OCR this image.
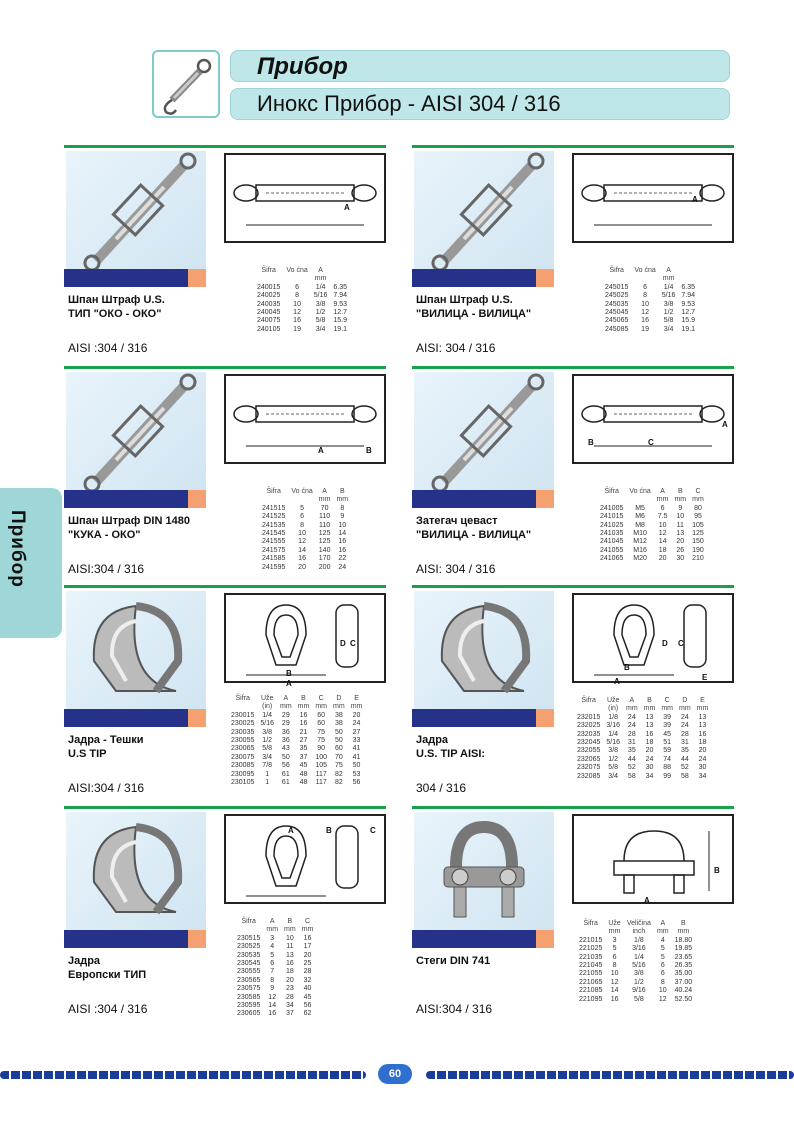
Прибор
Инокс Прибор - AISI 304 / 316
Прибор
A
Шпан Штраф U.S.
ТИП "ОКО - ОКО"
AISI :304 / 316
Šifra	Vo ćna	A	
		mm	
240015	6	1/4	6.35
240025	8	5/16	7.94
240035	10	3/8	9.53
240045	12	1/2	12.7
240075	16	5/8	15.9
240105	19	3/4	19.1
A
Шпан Штраф U.S.
"ВИЛИЦА - ВИЛИЦА"
AISI: 304 / 316
Šifra	Vo ćna	A	
		mm	
245015	6	1/4	6.35
245025	8	5/16	7.94
245035	10	3/8	9.53
245045	12	1/2	12.7
245065	16	5/8	15.9
245085	19	3/4	19.1
A	B
Шпан Штраф DIN 1480
"КУКА - ОКО"
AISI:304 / 316
Šifra	Vo ćna	A	B
		mm	mm
241515	5	70	8
241525	6	110	9
241535	8	110	10
241545	10	125	14
241555	12	125	16
241575	14	140	16
241585	16	170	22
241595	20	200	24
B	C
A
Затегач цеваст
"ВИЛИЦА - ВИЛИЦА"
AISI: 304 / 316
Šifra	Vo ćna	A	B	C
		mm	mm	mm
241005	M5	6	9	80
241015	M6	7.5	10	95
241025	M8	10	11	105
241035	M10	12	13	125
241045	M12	14	20	150
241055	M16	18	26	190
241065	M20	20	30	210
D C
B
A
Јадра - Тешки
U.S TIP
AISI:304 / 316
Šifra	Uže	A	B	C	D	E
	(in)	mm	mm	mm	mm	mm
230015	1/4	29	16	60	38	20
230025	5/16	29	16	60	38	24
230035	3/8	36	21	75	50	27
230055	1/2	36	27	75	50	33
230065	5/8	43	35	90	60	41
230075	3/4	50	37	100	70	41
230085	7/8	56	45	105	75	50
230095	1	61	48	117	82	53
230105	1	61	48	117	82	56
D C
B
A	E
Јадра
U.S. TIP AISI:
304 / 316
Šifra	Uže	A	B	C	D	E
	(in)	mm	mm	mm	mm	mm
232015	1/8	24	13	39	24	13
232025	3/16	24	13	39	24	13
232035	1/4	28	16	45	28	16
232045	5/16	31	18	51	31	18
232055	3/8	35	20	59	35	20
232065	1/2	44	24	74	44	24
232075	5/8	52	30	88	52	30
232085	3/4	58	34	99	58	34
A	B	C
Јадра
Европски ТИП
AISI :304 / 316
Šifra	A	B	C
	mm	mm	mm
230515	3	10	16
230525	4	11	17
230535	5	13	20
230545	6	16	25
230555	7	18	28
230565	8	20	32
230575	9	23	40
230585	12	28	45
230595	14	34	56
230605	16	37	62
B
A
Стеги DIN 741
AISI:304 / 316
Šifra	Uže	Veličina	A	B
	mm	inch	mm	mm
221015	3	1/8	4	18.80
221025	5	3/16	5	19.85
221035	6	1/4	5	23.65
221045	8	5/16	6	26.35
221055	10	3/8	6	35.00
221065	12	1/2	8	37.00
221085	14	9/16	10	40.24
221095	16	5/8	12	52.50
60
